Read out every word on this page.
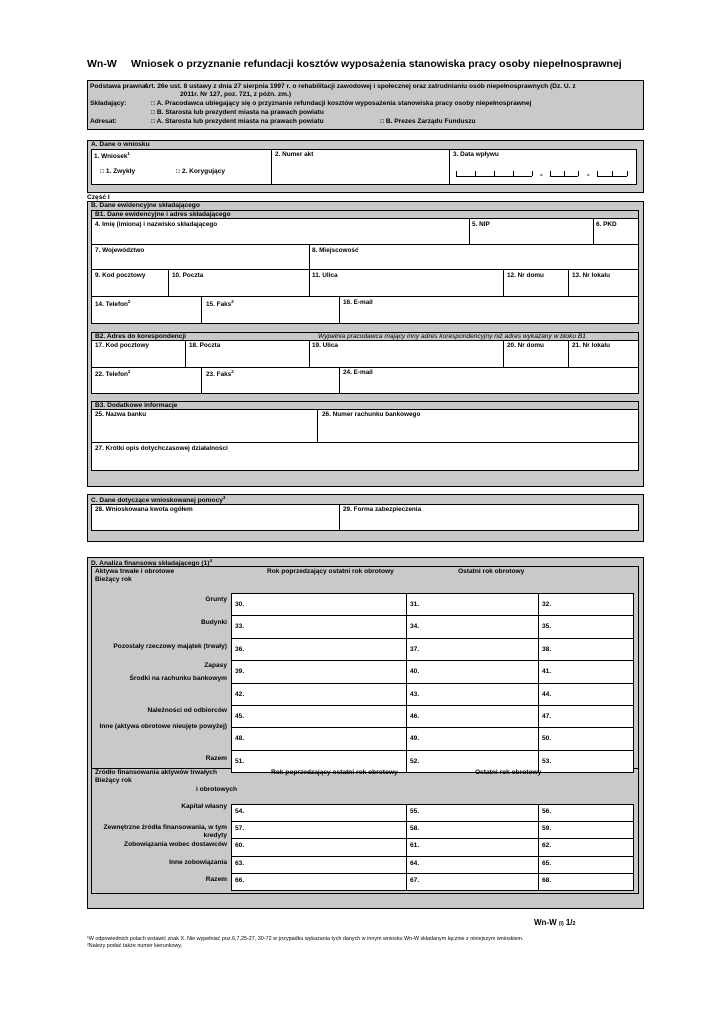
Wn-W Wniosek o przyznanie refundacji kosztów wyposażenia stanowiska pracy osoby niepełnosprawnej
Podstawa prawna:
Art. 26e ust. 8 ustawy z dnia 27 sierpnia 1997 r. o rehabilitacji zawodowej i społecznej oraz zatrudnianiu osób niepełnosprawnych (Dz. U. z
2011r. Nr 127, poz. 721, z późn. zm.)
Składający:	□ A. Pracodawca ubiegający się o przyznanie refundacji kosztów wyposażenia stanowiska pracy osoby niepełnosprawnej
□ B. Starosta lub prezydent miasta na prawach powiatu
Adresat:	□ A. Starosta lub prezydent miasta na prawach powiatu	□ B. Prezes Zarządu Funduszu
A. Dane o wniosku
1. Wniosek$^1$
□ 1. Zwykły	□ 2. Korygujący
2. Numer akt	3. Data wpływu
-	-
Część I
B. Dane ewidencyjne składającego
B1. Dane ewidencyjne i adres składającego
4. Imię (imiona) i nazwisko składającego	5. NIP	6. PKD
7. Województwo	8. Miejscowość
9. Kod pocztowy	10. Poczta	11. Ulica	12. Nr domu	13. Nr lokalu
14. Telefon$^2$	15. Faks$^2$	16. E-mail
B2. Adres do korespondencji	Wypełnia pracodawca mający inny adres korespondencyjny niż adres wykazany w bloku B1
17. Kod pocztowy	18. Poczta	19. Ulica	20. Nr domu	21. Nr lokalu
22. Telefon$^2$	23. Faks$^2$	24. E-mail
B3. Dodatkowe informacje
25. Nazwa banku	26. Numer rachunku bankowego
27. Krótki opis dotychczasowej działalności
C. Dane dotyczące wnioskowanej pomocy$^3$
28. Wnioskowana kwota ogółem	29. Forma zabezpieczenia
D. Analiza finansowa składającego $(1)^4$
Aktywa trwałe i obrotowe
Bieżący rok
Rok poprzedzający ostatni rok obrotowy	Ostatni rok obrotowy
Grunty
30.	31.	32.
Budynki
33.	34.	35.
Pozostały rzeczowy majątek (trwały) 36.	37.	38.
Zapasy
39.	40.	41.
Środki na rachunku bankowym
42.	43.	44.
Należności od odbiorców
45.	46.	47.
Inne (aktywa obrotowe nieujęte powyżej)
48.	49.	50.
Razem 51.	52.	53.
Źródło finansowania aktywów trwałych
Bieżący rok
i obrotowych
Rok poprzedzający ostatni rok obrotowy	Ostatni rok obrotowy
Kapitał własny
54.	55.	56.
Zewnętrzne źródła finansowania, w tym kredyty
57.	58.	59.
Zobowiązania wobec dostawców 60.	61.	62.
Inne zobowiązania 63.	64.	65.
Razem 66.	67.	68.
Wn-W (I) 1/2
¹W odpowiednich polach wstawić znak X. Nie wypełniać poz.6,7,25-27, 30-72 w przypadku wykazania tych danych w innym wniosku Wn-W składanym łącznie z niniejszym wnioskiem.
²Należy podać także numer kierunkowy.
